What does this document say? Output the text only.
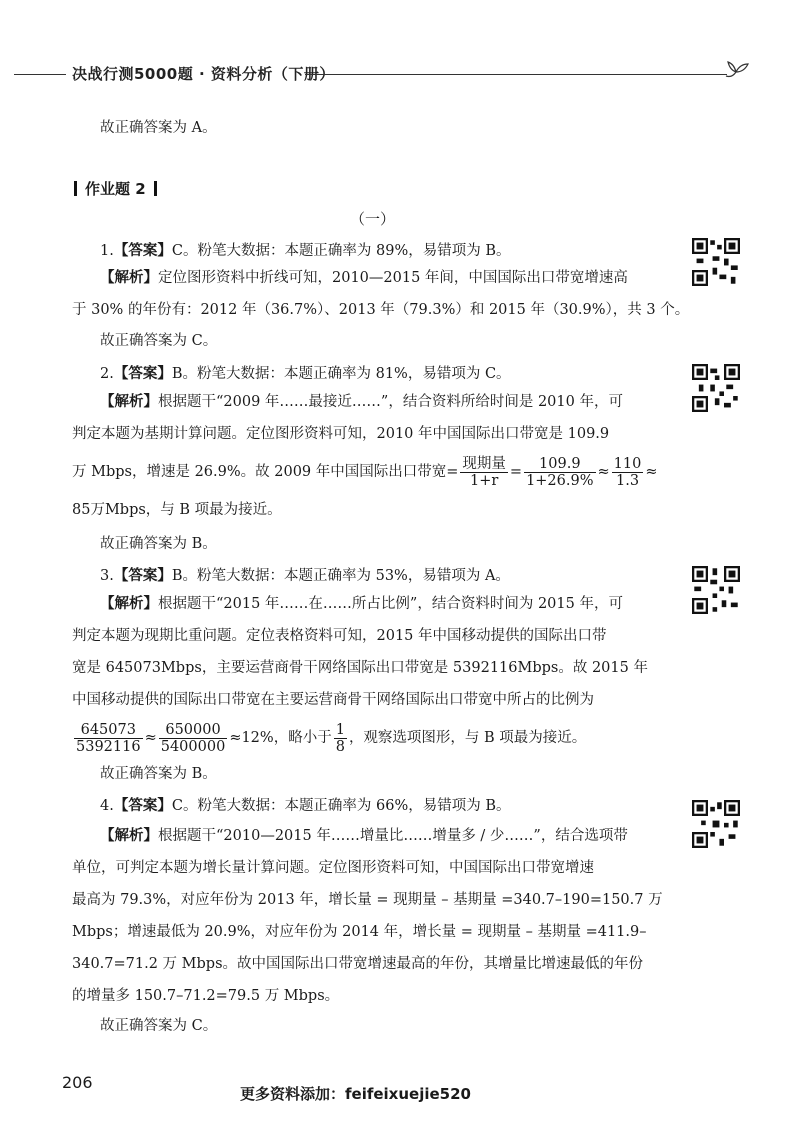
决战行测5000题 · 资料分析（下册）
故正确答案为 A。
作业题 2
（一）
1.【答案】C。粉笔大数据：本题正确率为 89%，易错项为 B。
【解析】定位图形资料中折线可知，2010—2015 年间，中国国际出口带宽增速高
于 30% 的年份有：2012 年（36.7%）、2013 年（79.3%）和 2015 年（30.9%），共 3 个。
故正确答案为 C。
2.【答案】B。粉笔大数据：本题正确率为 81%，易错项为 C。
【解析】根据题干“2009 年……最接近……”，结合资料所给时间是 2010 年，可
判定本题为基期计算问题。定位图形资料可知，2010 年中国国际出口带宽是 109.9
万 Mbps，增速是 26.9%。故 2009 年中国国际出口带宽= $\frac{\text{现期量}}{1+r} = \frac{109.9}{1+26.9\%} \approx \frac{110}{1.3}$ ≈
85万Mbps，与 B 项最为接近。
故正确答案为 B。
3.【答案】B。粉笔大数据：本题正确率为 53%，易错项为 A。
【解析】根据题干“2015 年……在……所占比例”，结合资料时间为 2015 年，可
判定本题为现期比重问题。定位表格资料可知，2015 年中国移动提供的国际出口带
宽是 645073Mbps，主要运营商骨干网络国际出口带宽是 5392116Mbps。故 2015 年
中国移动提供的国际出口带宽在主要运营商骨干网络国际出口带宽中所占的比例为
$\frac{645073}{5392116} \approx \frac{650000}{5400000} \approx 12\%$，略小于 $\frac{1}{8}$ ，观察选项图形，与 B 项最为接近。
故正确答案为 B。
4.【答案】C。粉笔大数据：本题正确率为 66%，易错项为 B。
【解析】根据题干“2010—2015 年……增量比……增量多 / 少……”，结合选项带
单位，可判定本题为增长量计算问题。定位图形资料可知，中国国际出口带宽增速
最高为 79.3%，对应年份为 2013 年，增长量 = 现期量 – 基期量 =340.7–190=150.7 万
Mbps；增速最低为 20.9%，对应年份为 2014 年，增长量 = 现期量 – 基期量 =411.9–
340.7=71.2 万 Mbps。故中国国际出口带宽增速最高的年份，其增量比增速最低的年份
的增量多 150.7–71.2=79.5 万 Mbps。
故正确答案为 C。
206
更多资料添加：feifeixuejie520
